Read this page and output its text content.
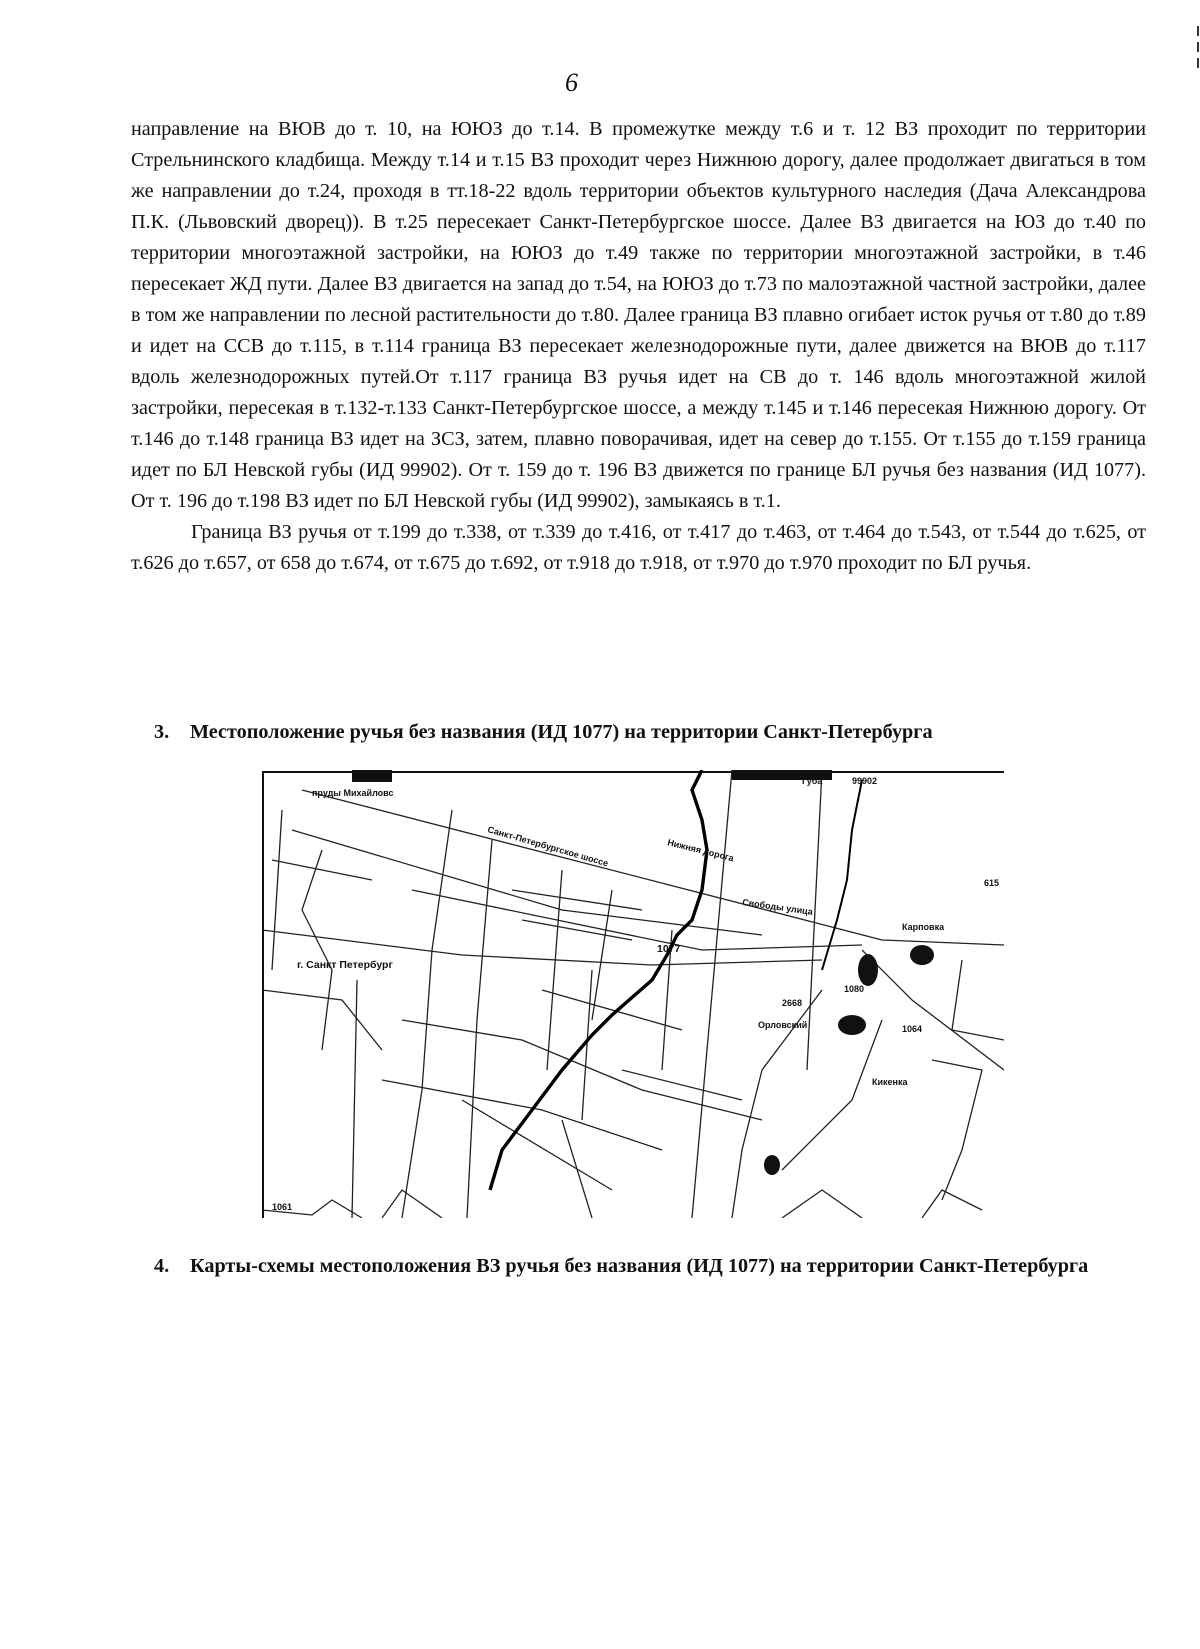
6

направление на ВЮВ до т. 10, на ЮЮЗ до т.14. В промежутке между т.6 и т. 12 ВЗ проходит по территории Стрельнинского кладбища. Между т.14 и т.15 ВЗ проходит через Нижнюю дорогу, далее продолжает двигаться в том же направлении до т.24, проходя в тт.18-22 вдоль территории объектов культурного наследия (Дача Александрова П.К. (Львовский дворец)). В т.25 пересекает Санкт-Петербургское шоссе. Далее ВЗ двигается на ЮЗ до т.40 по территории многоэтажной застройки, на ЮЮЗ до т.49 также по территории многоэтажной застройки, в т.46 пересекает ЖД пути. Далее ВЗ двигается на запад до т.54, на ЮЮЗ до т.73 по малоэтажной частной застройки, далее в том же направлении по лесной растительности до т.80. Далее граница ВЗ плавно огибает исток ручья от т.80 до т.89 и идет на ССВ до т.115, в т.114 граница ВЗ пересекает железнодорожные пути, далее движется на ВЮВ до т.117 вдоль железнодорожных путей.От т.117 граница ВЗ ручья идет на СВ до т. 146 вдоль многоэтажной жилой застройки, пересекая в т.132-т.133 Санкт-Петербургское шоссе, а между т.145 и т.146 пересекая Нижнюю дорогу. От т.146 до т.148 граница ВЗ идет на ЗСЗ, затем, плавно поворачивая, идет на север до т.155. От т.155 до т.159 граница идет по БЛ Невской губы (ИД 99902). От т. 159 до т. 196 ВЗ движется по границе БЛ ручья без названия (ИД 1077). От т. 196 до т.198 ВЗ идет по БЛ Невской губы (ИД 99902), замыкаясь в т.1.

Граница ВЗ ручья от т.199 до т.338, от т.339 до т.416, от т.417 до т.463, от т.464 до т.543, от т.544 до т.625, от т.626 до т.657, от 658 до т.674, от т.675 до т.692, от т.918 до т.918, от т.970 до т.970 проходит по БЛ ручья.

3. Местоположение ручья без названия (ИД 1077) на территории Санкт-Петербурга
г. Санкт Петербург
1077
Губа	99902
Орловский
Кикенка
Карповка
пруды Михайловс
Нижняя дорога
Свободы улица
Санкт-Петербургское шоссе
1080
2668
1064
1061
615
4. Карты-схемы местоположения ВЗ ручья без названия (ИД 1077) на территории Санкт-Петербурга
